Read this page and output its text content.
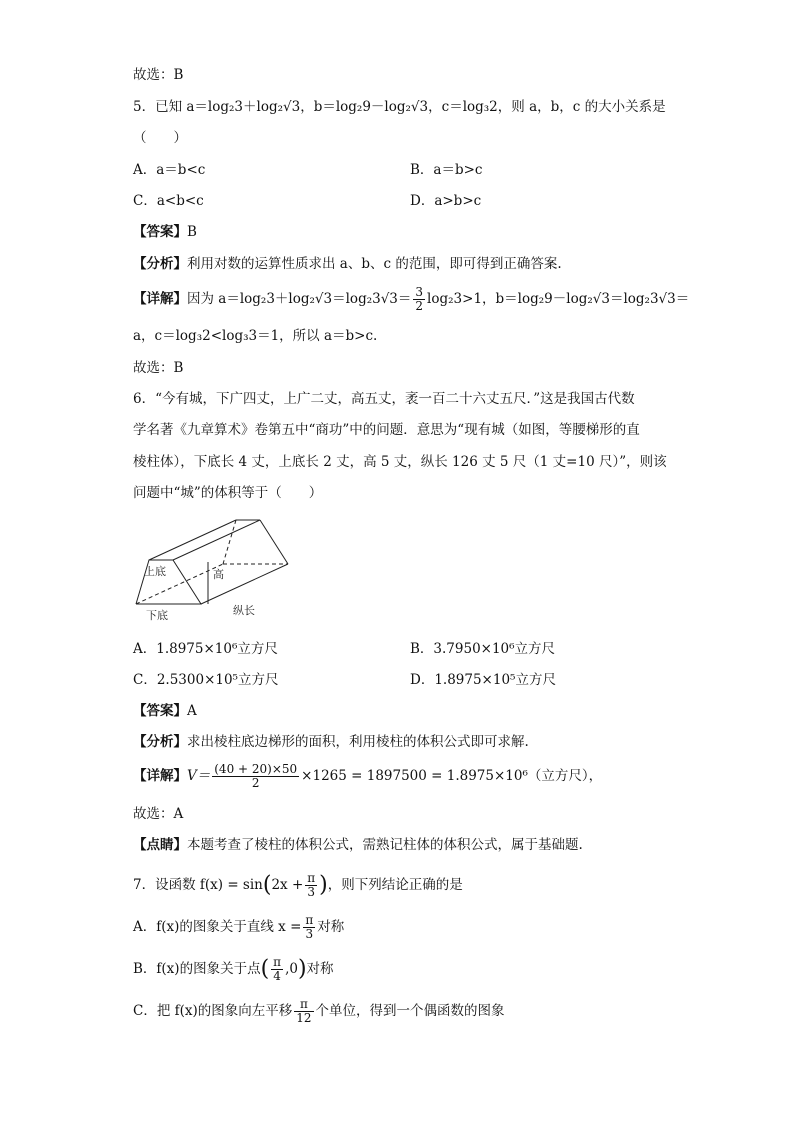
故选：B
5．已知 a＝log₂3＋log₂√3，b＝log₂9－log₂√3，c＝log₃2，则 a，b，c 的大小关系是
（　　）
A．a＝b<c	B．a＝b>c
C．a<b<c	D．a>b>c
【答案】B
【分析】利用对数的运算性质求出 a、b、c 的范围，即可得到正确答案.
【详解】因为 $a=\log_23+\log_2√3=\log_23√3= \frac{3}{2} \log_23>1$，b＝log₂9－log₂√3＝log₂3√3＝
a，c＝log₃2<log₃3＝1，所以 a＝b>c.
故选：B
6．“今有城，下广四丈，上广二丈，高五丈，袤一百二十六丈五尺．”这是我国古代数
学名著《九章算术》卷第五中“商功”中的问题．意思为“现有城（如图，等腰梯形的直
棱柱体），下底长 4 丈，上底长 2 丈，高 5 丈，纵长 126 丈 5 尺（1 丈=10 尺）”，则该
问题中“城”的体积等于（　　）
上底	高
下底	纵长
A．1.8975×10⁶立方尺	B．3.7950×10⁶立方尺
C．2.5300×10⁵立方尺	D．1.8975×10⁵立方尺
【答案】A
【分析】求出棱柱底边梯形的面积，利用棱柱的体积公式即可求解.
【详解】$V= \frac{(40 + 20)\times 50}{2} \times 1265 = 1897500 = 1.8975\times 10^6$（立方尺），
故选：A
【点睛】本题考查了棱柱的体积公式，需熟记柱体的体积公式，属于基础题.
7．设函数 $f(x) = \sin(2x + \frac{\pi}{3}$ )，则下列结论正确的是
A．f(x)的图象关于直线 $x = \frac{\pi}{3}$ 对称
B．f(x)的图象关于点( $\frac{\pi}{4} ,0$)对称
C．把 f(x)的图象向左平移 $\frac{\pi}{12}$ 个单位，得到一个偶函数的图象
